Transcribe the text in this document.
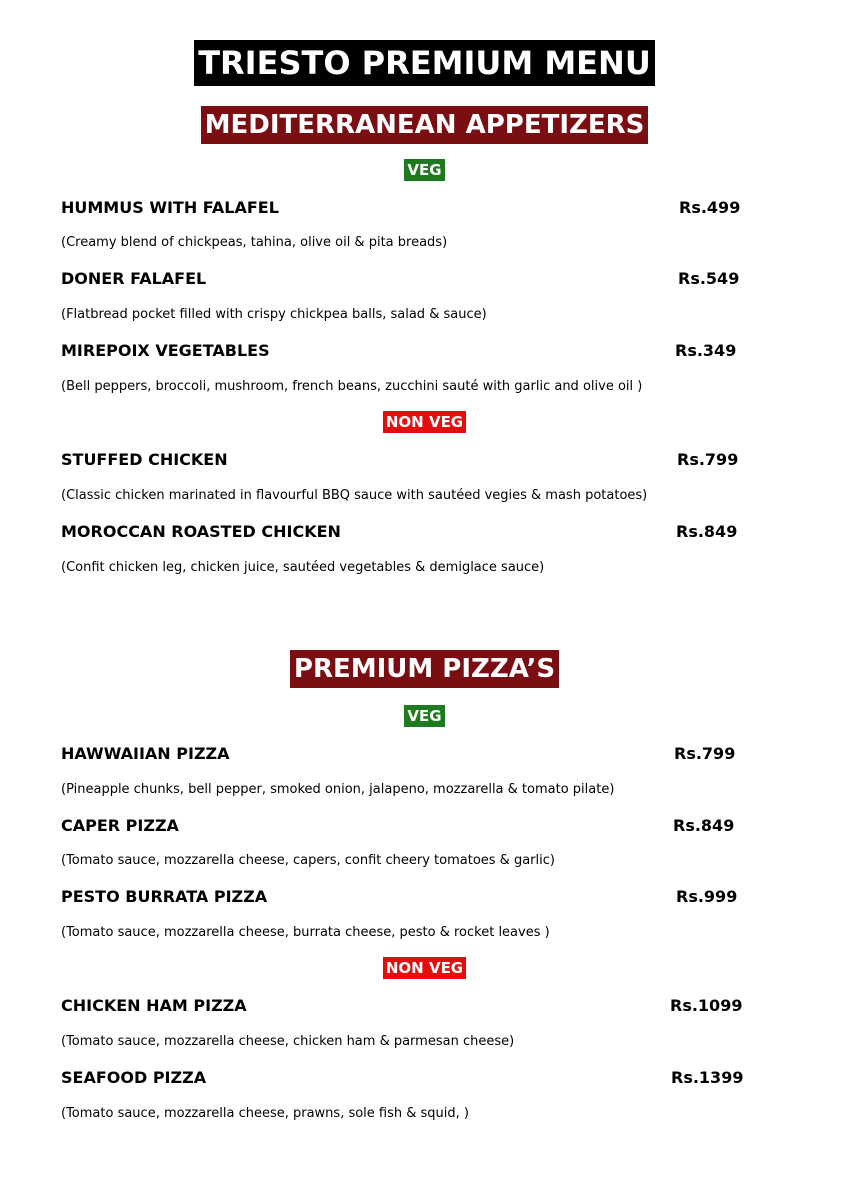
TRIESTO PREMIUM MENU
MEDITERRANEAN APPETIZERS
VEG
HUMMUS WITH FALAFEL	Rs.499
(Creamy blend of chickpeas, tahina, olive oil & pita breads)
DONER FALAFEL	Rs.549
(Flatbread pocket filled with crispy chickpea balls, salad & sauce)
MIREPOIX VEGETABLES	Rs.349
(Bell peppers, broccoli, mushroom, french beans, zucchini sauté with garlic and olive oil )
NON VEG
STUFFED CHICKEN	Rs.799
(Classic chicken marinated in flavourful BBQ sauce with sautéed vegies & mash potatoes)
MOROCCAN ROASTED CHICKEN	Rs.849
(Confit chicken leg, chicken juice, sautéed vegetables & demiglace sauce)
PREMIUM PIZZA’S
VEG
HAWWAIIAN PIZZA	Rs.799
(Pineapple chunks, bell pepper, smoked onion, jalapeno, mozzarella & tomato pilate)
CAPER PIZZA	Rs.849
(Tomato sauce, mozzarella cheese, capers, confit cheery tomatoes & garlic)
PESTO BURRATA PIZZA	Rs.999
(Tomato sauce, mozzarella cheese, burrata cheese, pesto & rocket leaves )
NON VEG
CHICKEN HAM PIZZA	Rs.1099
(Tomato sauce, mozzarella cheese, chicken ham & parmesan cheese)
SEAFOOD PIZZA	Rs.1399
(Tomato sauce, mozzarella cheese, prawns, sole fish & squid, )
